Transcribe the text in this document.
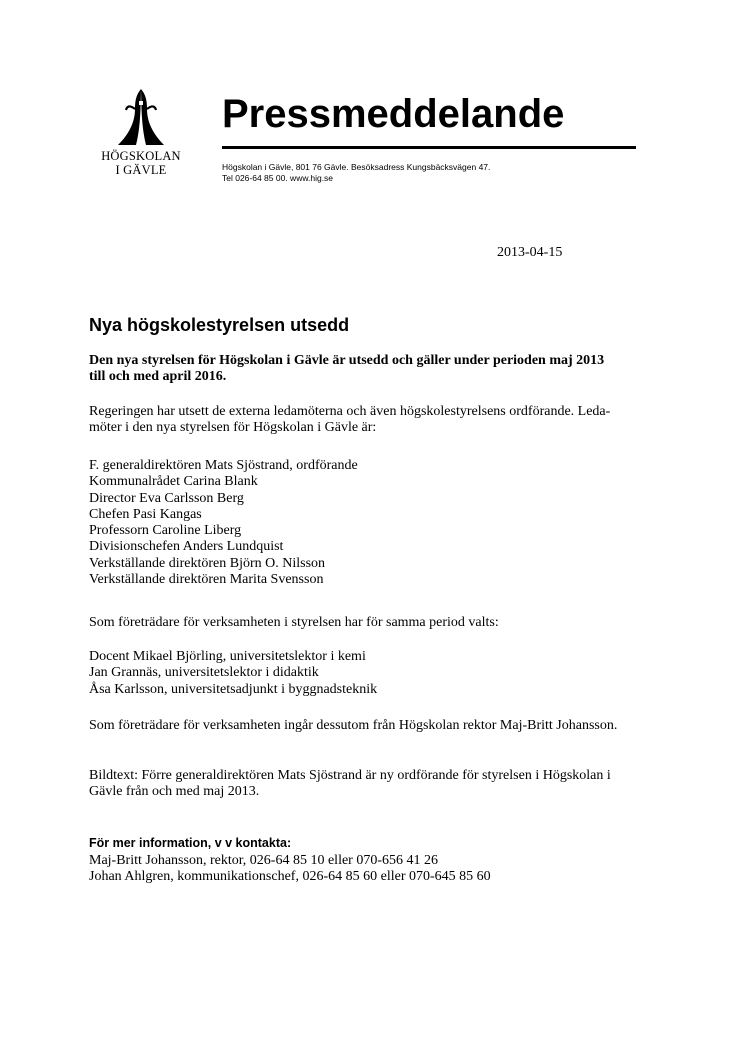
HÖGSKOLAN
I GÄVLE
Pressmeddelande
Högskolan i Gävle, 801 76 Gävle. Besöksadress Kungsbäcksvägen 47.
Tel 026-64 85 00. www.hig.se
2013-04-15
Nya högskolestyrelsen utsedd
Den nya styrelsen för Högskolan i Gävle är utsedd och gäller under perioden maj 2013
till och med april 2016.
Regeringen har utsett de externa ledamöterna och även högskolestyrelsens ordförande. Leda-
möter i den nya styrelsen för Högskolan i Gävle är:
F. generaldirektören Mats Sjöstrand, ordförande
Kommunalrådet Carina Blank
Director Eva Carlsson Berg
Chefen Pasi Kangas
Professorn Caroline Liberg
Divisionschefen Anders Lundquist
Verkställande direktören Björn O. Nilsson
Verkställande direktören Marita Svensson
Som företrädare för verksamheten i styrelsen har för samma period valts:
Docent Mikael Björling, universitetslektor i kemi
Jan Grannäs, universitetslektor i didaktik
Åsa Karlsson, universitetsadjunkt i byggnadsteknik
Som företrädare för verksamheten ingår dessutom från Högskolan rektor Maj-Britt Johansson.
Bildtext: Förre generaldirektören Mats Sjöstrand är ny ordförande för styrelsen i Högskolan i
Gävle från och med maj 2013.
För mer information, v v kontakta:
Maj-Britt Johansson, rektor, 026-64 85 10 eller 070-656 41 26
Johan Ahlgren, kommunikationschef, 026-64 85 60 eller 070-645 85 60
